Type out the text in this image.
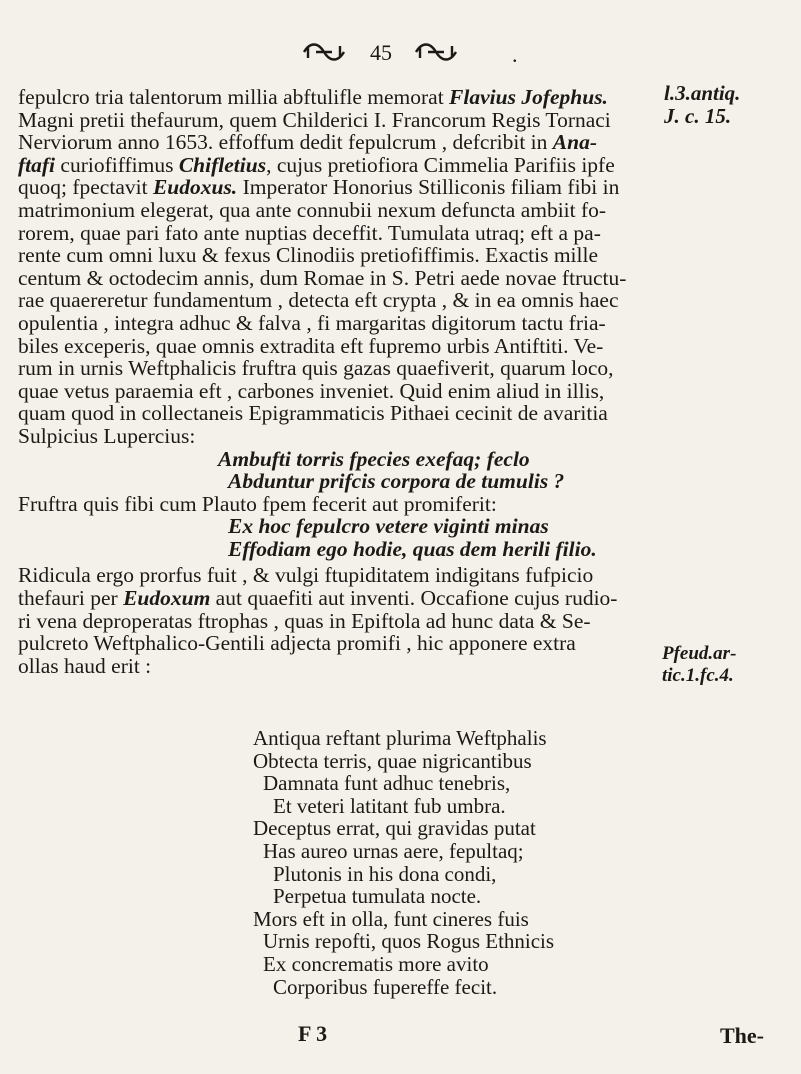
45	.
l.3.antiq.
J. c. 15.
fepulcro tria talentorum millia abftulifle memorat Flavius Jofephus.
Magni pretii thefaurum, quem Childerici I. Francorum Regis Tornaci
Nerviorum anno 1653. effoffum dedit fepulcrum , defcribit in Ana-
ftafi curiofiffimus Chifletius, cujus pretiofiora Cimmelia Parifiis ipfe
quoq; fpectavit Eudoxus. Imperator Honorius Stilliconis filiam fibi in
matrimonium elegerat, qua ante connubii nexum defuncta ambiit fo-
rorem, quae pari fato ante nuptias deceffit. Tumulata utraq; eft a pa-
rente cum omni luxu & fexus Clinodiis pretiofiffimis. Exactis mille
centum & octodecim annis, dum Romae in S. Petri aede novae ftructu-
rae quaereretur fundamentum , detecta eft crypta , & in ea omnis haec
opulentia , integra adhuc & falva , fi margaritas digitorum tactu fria-
biles exceperis, quae omnis extradita eft fupremo urbis Antiftiti. Ve-
rum in urnis Weftphalicis fruftra quis gazas quaefiverit, quarum loco,
quae vetus paraemia eft , carbones inveniet. Quid enim aliud in illis,
quam quod in collectaneis Epigrammaticis Pithaei cecinit de avaritia
Sulpicius Lupercius:
Ambufti torris fpecies exefaq; feclo
Abduntur prifcis corpora de tumulis ?
Fruftra quis fibi cum Plauto fpem fecerit aut promiferit:
Ex hoc fepulcro vetere viginti minas
Effodiam ego hodie, quas dem herili filio.
Ridicula ergo prorfus fuit , & vulgi ftupiditatem indigitans fufpicio
thefauri per Eudoxum aut quaefiti aut inventi. Occafione cujus rudio-
ri vena deproperatas ftrophas , quas in Epiftola ad hunc data & Se-
pulcreto Weftphalico-Gentili adjecta promifi , hic apponere extra
ollas haud erit :
Pfeud.ar-
tic.1.fc.4.
Antiqua reftant plurima Weftphalis
Obtecta terris, quae nigricantibus
Damnata funt adhuc tenebris,
Et veteri latitant fub umbra.
Deceptus errat, qui gravidas putat
Has aureo urnas aere, fepultaq;
Plutonis in his dona condi,
Perpetua tumulata nocte.
Mors eft in olla, funt cineres fuis
Urnis repofti, quos Rogus Ethnicis
Ex concrematis more avito
Corporibus fupereffe fecit.
F 3	The-
